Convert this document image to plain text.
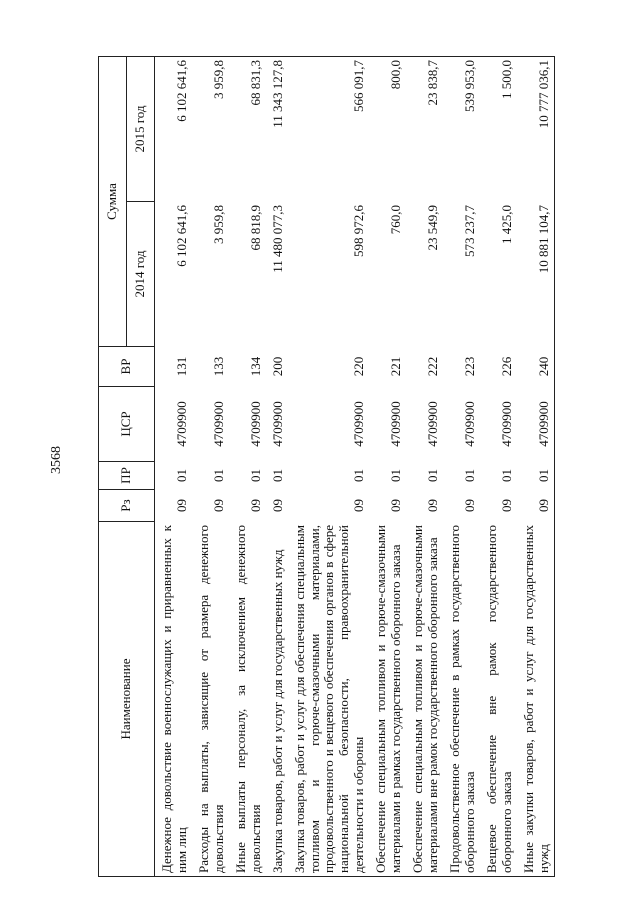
3568
Наименование	Рз	ПР	ЦСР	ВР	Сумма	
					2014 год	2015 год
Денежное довольствие военнослужащих и приравненных к ним лиц	09	01	4709900	131	6 102 641,6	6 102 641,6
Расходы на выплаты, зависящие от размера денежного довольствия	09	01	4709900	133	3 959,8	3 959,8
Иные выплаты персоналу, за исключением денежного довольствия	09	01	4709900	134	68 818,9	68 831,3
Закупка товаров, работ и услуг для государственных нужд	09	01	4709900	200	11 480 077,3	11 343 127,8
Закупка товаров, работ и услуг для обеспечения специальным топливом и горюче-смазочными материалами, продовольственного и вещевого обеспечения органов в сфере национальной безопасности, правоохранительной деятельности и обороны	09	01	4709900	220	598 972,6	566 091,7
Обеспечение специальным топливом и горюче-смазочными материалами в рамках государственного оборонного заказа	09	01	4709900	221	760,0	800,0
Обеспечение специальным топливом и горюче-смазочными материалами вне рамок государственного оборонного заказа	09	01	4709900	222	23 549,9	23 838,7
Продовольственное обеспечение в рамках государственного оборонного заказа	09	01	4709900	223	573 237,7	539 953,0
Вещевое обеспечение вне рамок государственного оборонного заказа	09	01	4709900	226	1 425,0	1 500,0
Иные закупки товаров, работ и услуг для государственных нужд	09	01	4709900	240	10 881 104,7	10 777 036,1
